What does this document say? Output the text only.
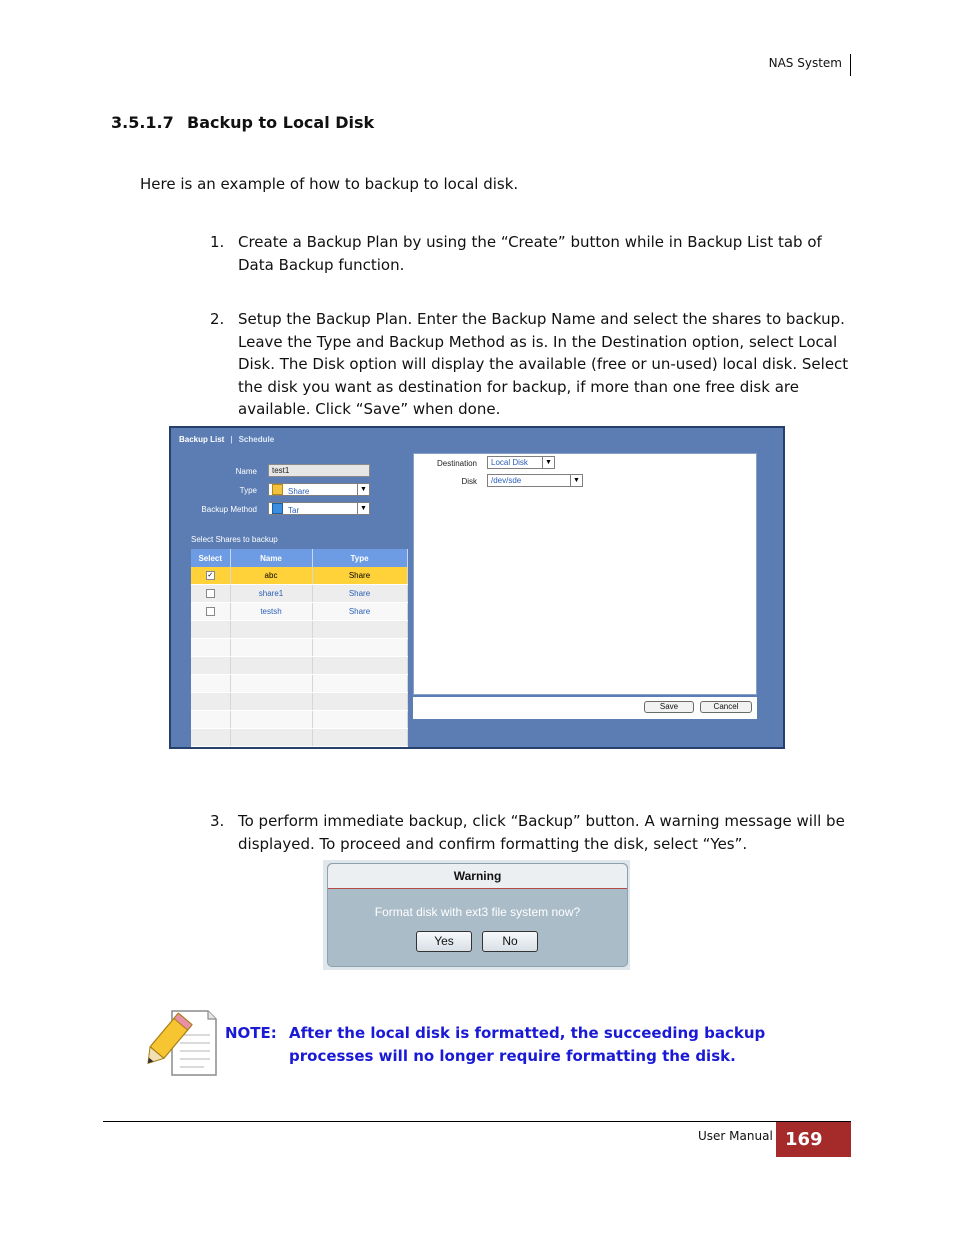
NAS System
3.5.1.7 Backup to Local Disk
Here is an example of how to backup to local disk.
1. Create a Backup Plan by using the “Create” button while in Backup List tab of Data Backup function.
2. Setup the Backup Plan. Enter the Backup Name and select the shares to backup. Leave the Type and Backup Method as is. In the Destination option, select Local Disk. The Disk option will display the available (free or un-used) local disk. Select the disk you want as destination for backup, if more than one free disk are available. Click “Save” when done.
Backup List | Schedule
Name	test1
Type	Share	▼
Backup Method	Tar	▼
Select Shares to backup
Select	Name	Type
✓	abc	Share
	share1	Share
	testsh	Share

Destination	Local Disk	▼
Disk	/dev/sde	▼
Save	Cancel
3. To perform immediate backup, click “Backup” button. A warning message will be displayed. To proceed and confirm formatting the disk, select “Yes”.
Warning
Format disk with ext3 file system now?
Yes	No
NOTE: After the local disk is formatted, the succeeding backup
processes will no longer require formatting the disk.
User Manual 169
